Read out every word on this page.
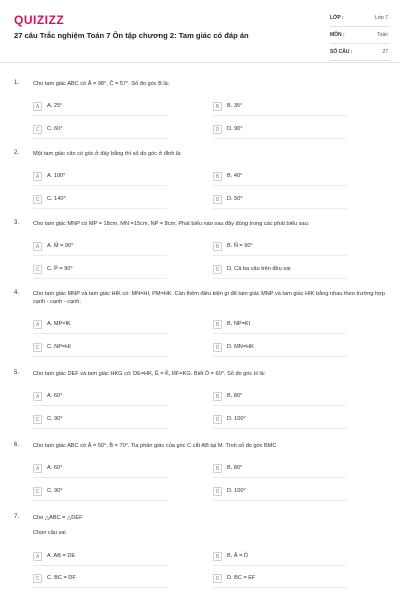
QUIZIZZ
27 câu Trắc nghiệm Toán 7 Ôn tập chương 2: Tam giác có đáp án
LỚP :	Lớp 7
MÔN :	Toán
SỐ CÂU :	27
1. Cho tam giác ABC có Â = 98°, Ĉ = 57°. Số đo góc B là:
A	A. 25°	B	B. 35°
C	C. 60°	D	D. 90°
2. Một tam giác cân có góc ở đáy bằng thì số đo góc ở đỉnh là:
A	A. 100°	B	B. 40°
C	C. 140°	D	D. 50°
3. Cho tam giác MNP có MP = 18cm, MN =15cm, NP = 8cm. Phát biểu nào sau đây đúng trong các phát biểu sau:
A	A. M̂ = 90°	B	B. N̂ = 90°
C	C. P̂ = 90°	D	D. Cả ba câu trên đều sai
4. Cho tam giác MNP và tam giác HIK có: MN=HI, PM=HK. Cần thêm điều kiện gì để tam giác MNP và tam giác HIK bằng nhau theo trường hợp cạnh - cạnh - cạnh:
A	A. MP=IK	B	B. NP=KI
C	C. NP=HI	D	D. MN=HK
5. Cho tam giác DEF và tam giác HKG có: DE=HK, Ê = K̂, RF=KG. Biết D̂ = 60°. Số đo góc H là:
A	A. 60°	B	B. 80°
C	C. 90°	D	D. 100°
6. Cho tam giác ABC có Â = 50°, B̂ = 70°. Tia phân giác của góc C cắt AB tại M. Tính số đo góc BMC
A	A. 60°	B	B. 80°
C	C. 90°	D	D. 100°
7. Cho △ABC = △DEF
Chọn câu sai
A	A. AB = DE	B	B. Â = D̂
C	C. BC = DF	D	D. BC = EF
